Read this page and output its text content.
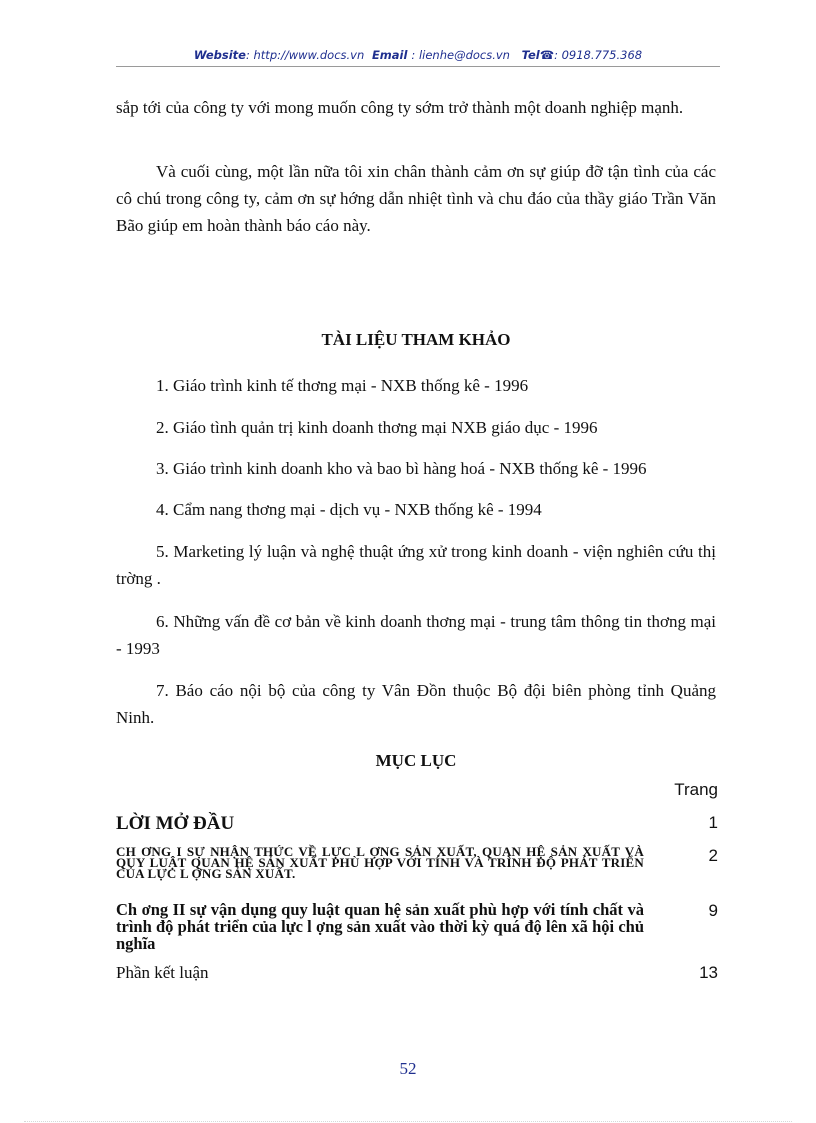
Website: http://www.docs.vn Email : lienhe@docs.vn Tel☎: 0918.775.368

sắp tới của công ty với mong muốn công ty sớm trở thành một doanh nghiệp mạnh.

Và cuối cùng, một lần nữa tôi xin chân thành cảm ơn sự giúp đỡ tận tình của các cô chú trong công ty, cảm ơn sự hớng dẫn nhiệt tình và chu đáo của thầy giáo Trần Văn Bão giúp em hoàn thành báo cáo này.

TÀI LIỆU THAM KHẢO

1. Giáo trình kinh tế thơng mại - NXB thống kê - 1996

2. Giáo tình quản trị kinh doanh thơng mại NXB giáo dục - 1996

3. Giáo trình kinh doanh kho và bao bì hàng hoá - NXB thống kê - 1996

4. Cẩm nang thơng mại - dịch vụ - NXB thống kê - 1994

5. Marketing lý luận và nghệ thuật ứng xử trong kinh doanh - viện nghiên cứu thị trờng .

6. Những vấn đề cơ bản về kinh doanh thơng mại - trung tâm thông tin thơng mại - 1993

7. Báo cáo nội bộ của công ty Vân Đồn thuộc Bộ đội biên phòng tỉnh Quảng Ninh.

MỤC LỤC
Trang
LỜI MỞ ĐẦU	1
CH ƠNG I SỰ NHẬN THỨC VỀ LỰC L ỢNG SẢN XUẤT, QUAN HỆ SẢN XUẤT VÀ QUY LUẬT QUAN HỆ SẢN XUẤT PHÙ HỢP VỚI TÍNH VÀ TRÌNH ĐỘ PHÁT TRIỂN CỦA LỰC L ỢNG SẢN XUẤT.
2
Ch ơng II sự vận dụng quy luật quan hệ sản xuất phù hợp với tính chất và trình độ phát triển của lực l ợng sản xuất vào thời kỳ quá độ lên xã hội chủ nghĩa
9
Phần kết luận	13
52
